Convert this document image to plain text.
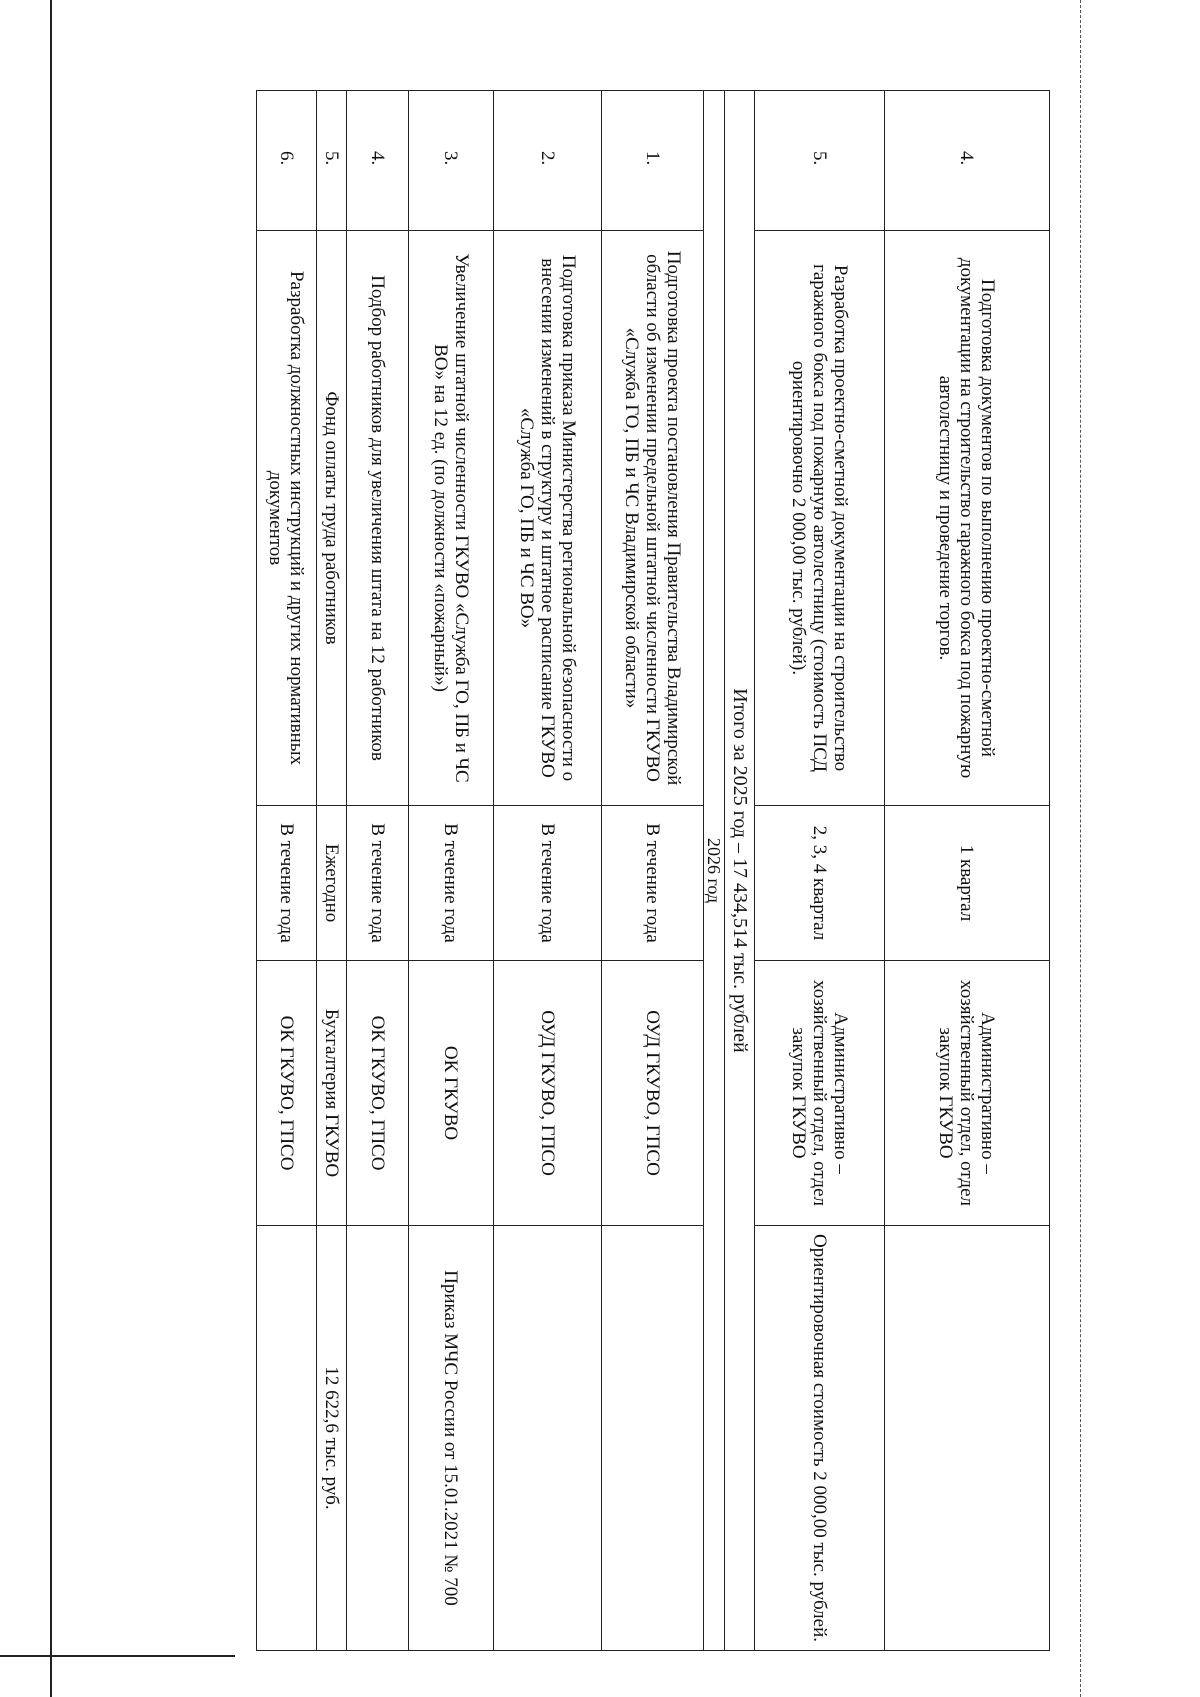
4.	Подготовка документов по выполнению проектно-сметной документации на строительство гаражного бокса под пожарную автолестницу и проведение торгов.	1 квартал	Административно – хозяйственный отдел, отдел закупок ГКУВО	
5.	Разработка проектно-сметной документации на строительство гаражного бокса под пожарную автолестницу (стоимость ПСД ориентировочно 2 000,00 тыс. рублей).	2, 3, 4 квартал	Административно – хозяйственный отдел, отдел закупок ГКУВО	Ориентировочная стоимость 2 000,00 тыс. рублей.
Итого за 2025 год – 17 434,514 тыс. рублей				
2026 год				
1.	Подготовка проекта постановления Правительства Владимирской области об изменении предельной штатной численности ГКУВО «Служба ГО, ПБ и ЧС Владимирской области»	В течение года	ОУД ГКУВО, ГПСО	
2.	Подготовка приказа Министерства региональной безопасности о внесении изменений в структуру и штатное расписание ГКУВО «Служба ГО, ПБ и ЧС ВО»	В течение года	ОУД ГКУВО, ГПСО	
3.	Увеличение штатной численности ГКУВО «Служба ГО, ПБ и ЧС ВО» на 12 ед. (по должности «пожарный»)	В течение года	ОК ГКУВО	Приказ МЧС России от 15.01.2021 № 700
4.	Подбор работников для увеличения штата на 12 работников	В течение года	ОК ГКУВО, ГПСО	
5.	Фонд оплаты труда работников	Ежегодно	Бухгалтерия ГКУВО	12 622,6 тыс. руб.
6.	Разработка должностных инструкций и других нормативных документов	В течение года	ОК ГКУВО, ГПСО	
